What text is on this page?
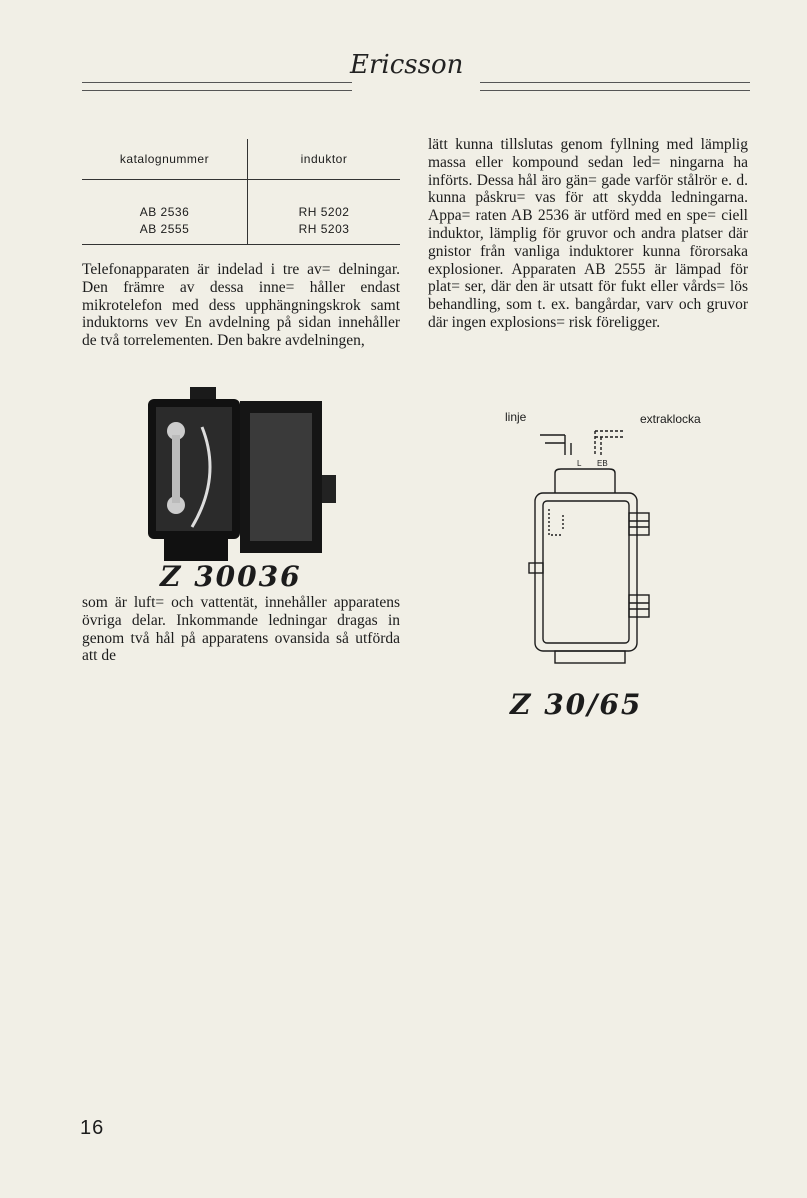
Ericsson
katalognummer	induktor
AB 2536	RH 5202
AB 2555	RH 5203

Telefonapparaten är indelad i tre av= delningar. Den främre av dessa inne= håller endast mikrotelefon med dess upphängningskrok samt induktorns vev En avdelning på sidan innehåller de två torrelementen. Den bakre avdelningen,

Z 30036

som är luft= och vattentät, innehåller apparatens övriga delar. Inkommande ledningar dragas in genom två hål på apparatens ovansida så utförda att de

lätt kunna tillslutas genom fyllning med lämplig massa eller kompound sedan led= ningarna ha införts. Dessa hål äro gän= gade varför stålrör e. d. kunna påskru= vas för att skydda ledningarna. Appa= raten AB 2536 är utförd med en spe= ciell induktor, lämplig för gruvor och andra platser där gnistor från vanliga induktorer kunna förorsaka explosioner. Apparaten AB 2555 är lämpad för plat= ser, där den är utsatt för fukt eller vårds= lös behandling, som t. ex. bangårdar, varv och gruvor där ingen explosions= risk föreligger.

linje	extraklocka
L EB
Z 30/65
16
